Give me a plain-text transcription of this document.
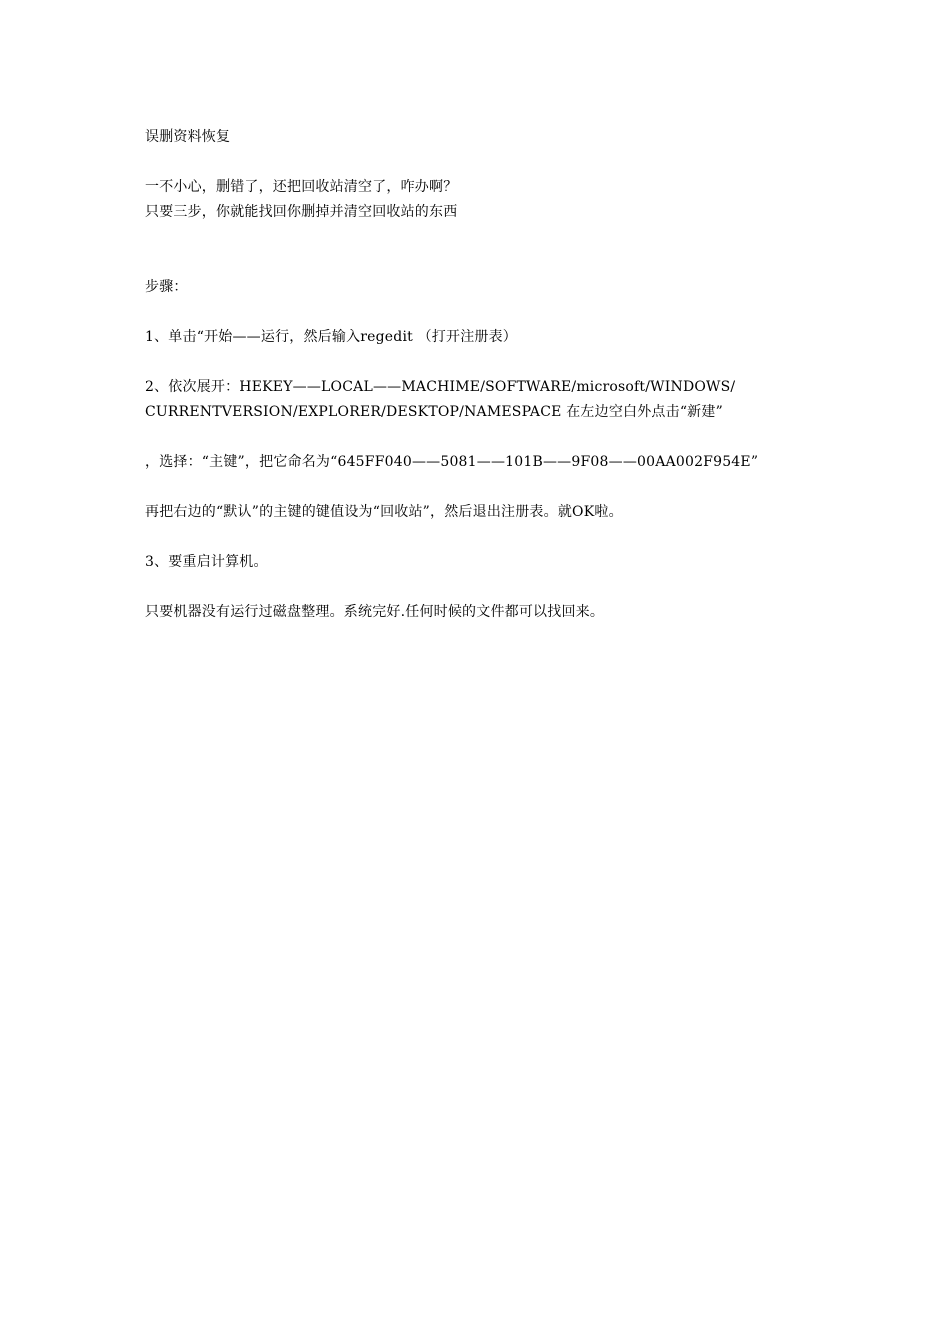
误删资料恢复
一不小心，删错了，还把回收站清空了，咋办啊？
只要三步，你就能找回你删掉并清空回收站的东西
步骤：
1、单击“开始——运行，然后输入regedit （打开注册表）
2、依次展开：HEKEY——LOCAL——MACHIME/SOFTWARE/microsoft/WINDOWS/
CURRENTVERSION/EXPLORER/DESKTOP/NAMESPACE 在左边空白外点击“新建”
，选择：“主键”，把它命名为“645FF040——5081——101B——9F08——00AA002F954E”
再把右边的“默认”的主键的键值设为“回收站”，然后退出注册表。就OK啦。
3、要重启计算机。
只要机器没有运行过磁盘整理。系统完好.任何时候的文件都可以找回来。
